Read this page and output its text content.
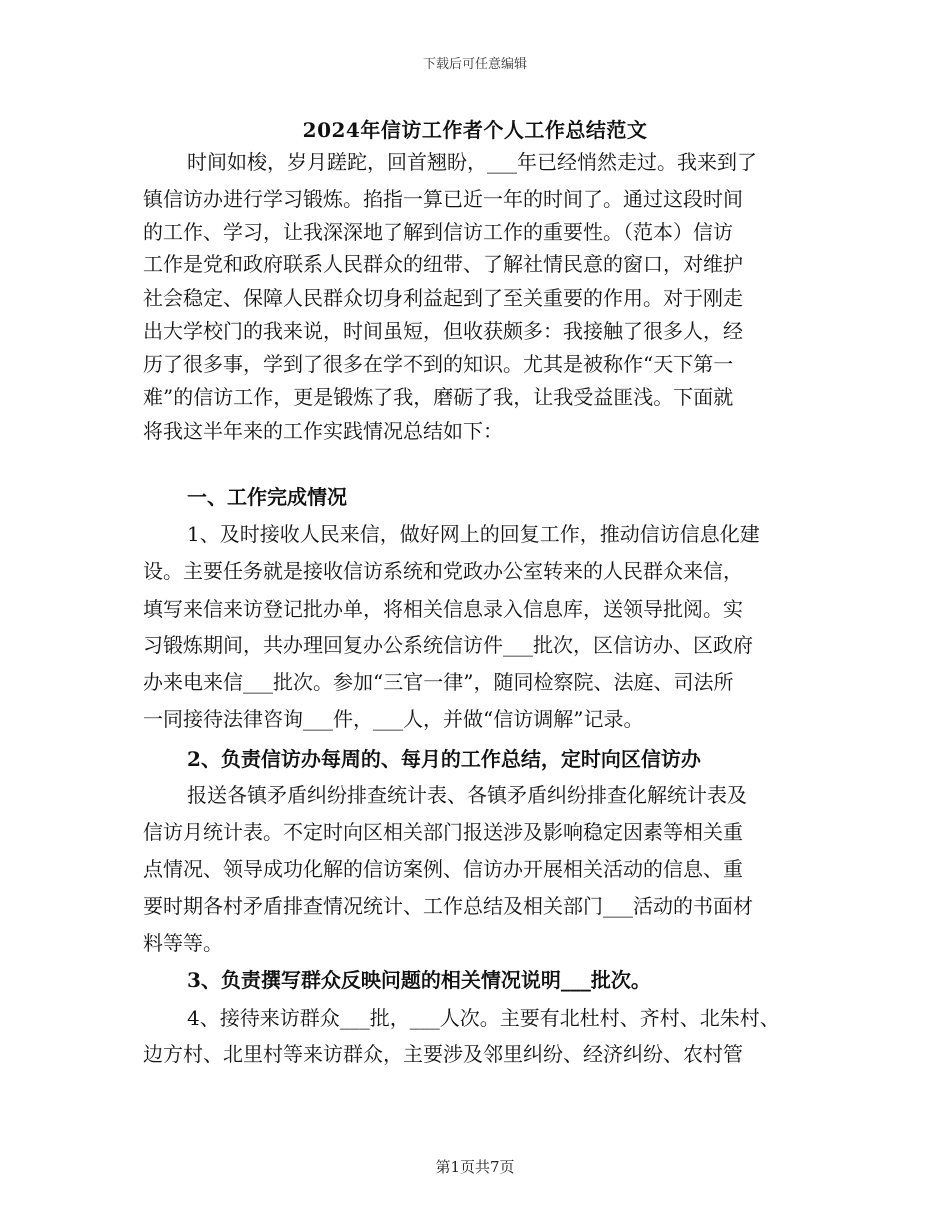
下载后可任意编辑
2024年信访工作者个人工作总结范文
时间如梭，岁月蹉跎，回首翘盼，___年已经悄然走过。我来到了
镇信访办进行学习锻炼。掐指一算已近一年的时间了。通过这段时间
的工作、学习，让我深深地了解到信访工作的重要性。（范本）信访
工作是党和政府联系人民群众的纽带、了解社情民意的窗口，对维护
社会稳定、保障人民群众切身利益起到了至关重要的作用。对于刚走
出大学校门的我来说，时间虽短，但收获颇多：我接触了很多人，经
历了很多事，学到了很多在学不到的知识。尤其是被称作“天下第一
难”的信访工作，更是锻炼了我，磨砺了我，让我受益匪浅。下面就
将我这半年来的工作实践情况总结如下：
一、工作完成情况
1、及时接收人民来信，做好网上的回复工作，推动信访信息化建
设。主要任务就是接收信访系统和党政办公室转来的人民群众来信，
填写来信来访登记批办单，将相关信息录入信息库，送领导批阅。实
习锻炼期间，共办理回复办公系统信访件___批次，区信访办、区政府
办来电来信___批次。参加“三官一律”，随同检察院、法庭、司法所
一同接待法律咨询___件，___人，并做“信访调解”记录。
2、负责信访办每周的、每月的工作总结，定时向区信访办
报送各镇矛盾纠纷排查统计表、各镇矛盾纠纷排查化解统计表及
信访月统计表。不定时向区相关部门报送涉及影响稳定因素等相关重
点情况、领导成功化解的信访案例、信访办开展相关活动的信息、重
要时期各村矛盾排查情况统计、工作总结及相关部门___活动的书面材
料等等。
3、负责撰写群众反映问题的相关情况说明___批次。
4、接待来访群众___批，___人次。主要有北杜村、齐村、北朱村、
边方村、北里村等来访群众，主要涉及邻里纠纷、经济纠纷、农村管
第1页共7页
